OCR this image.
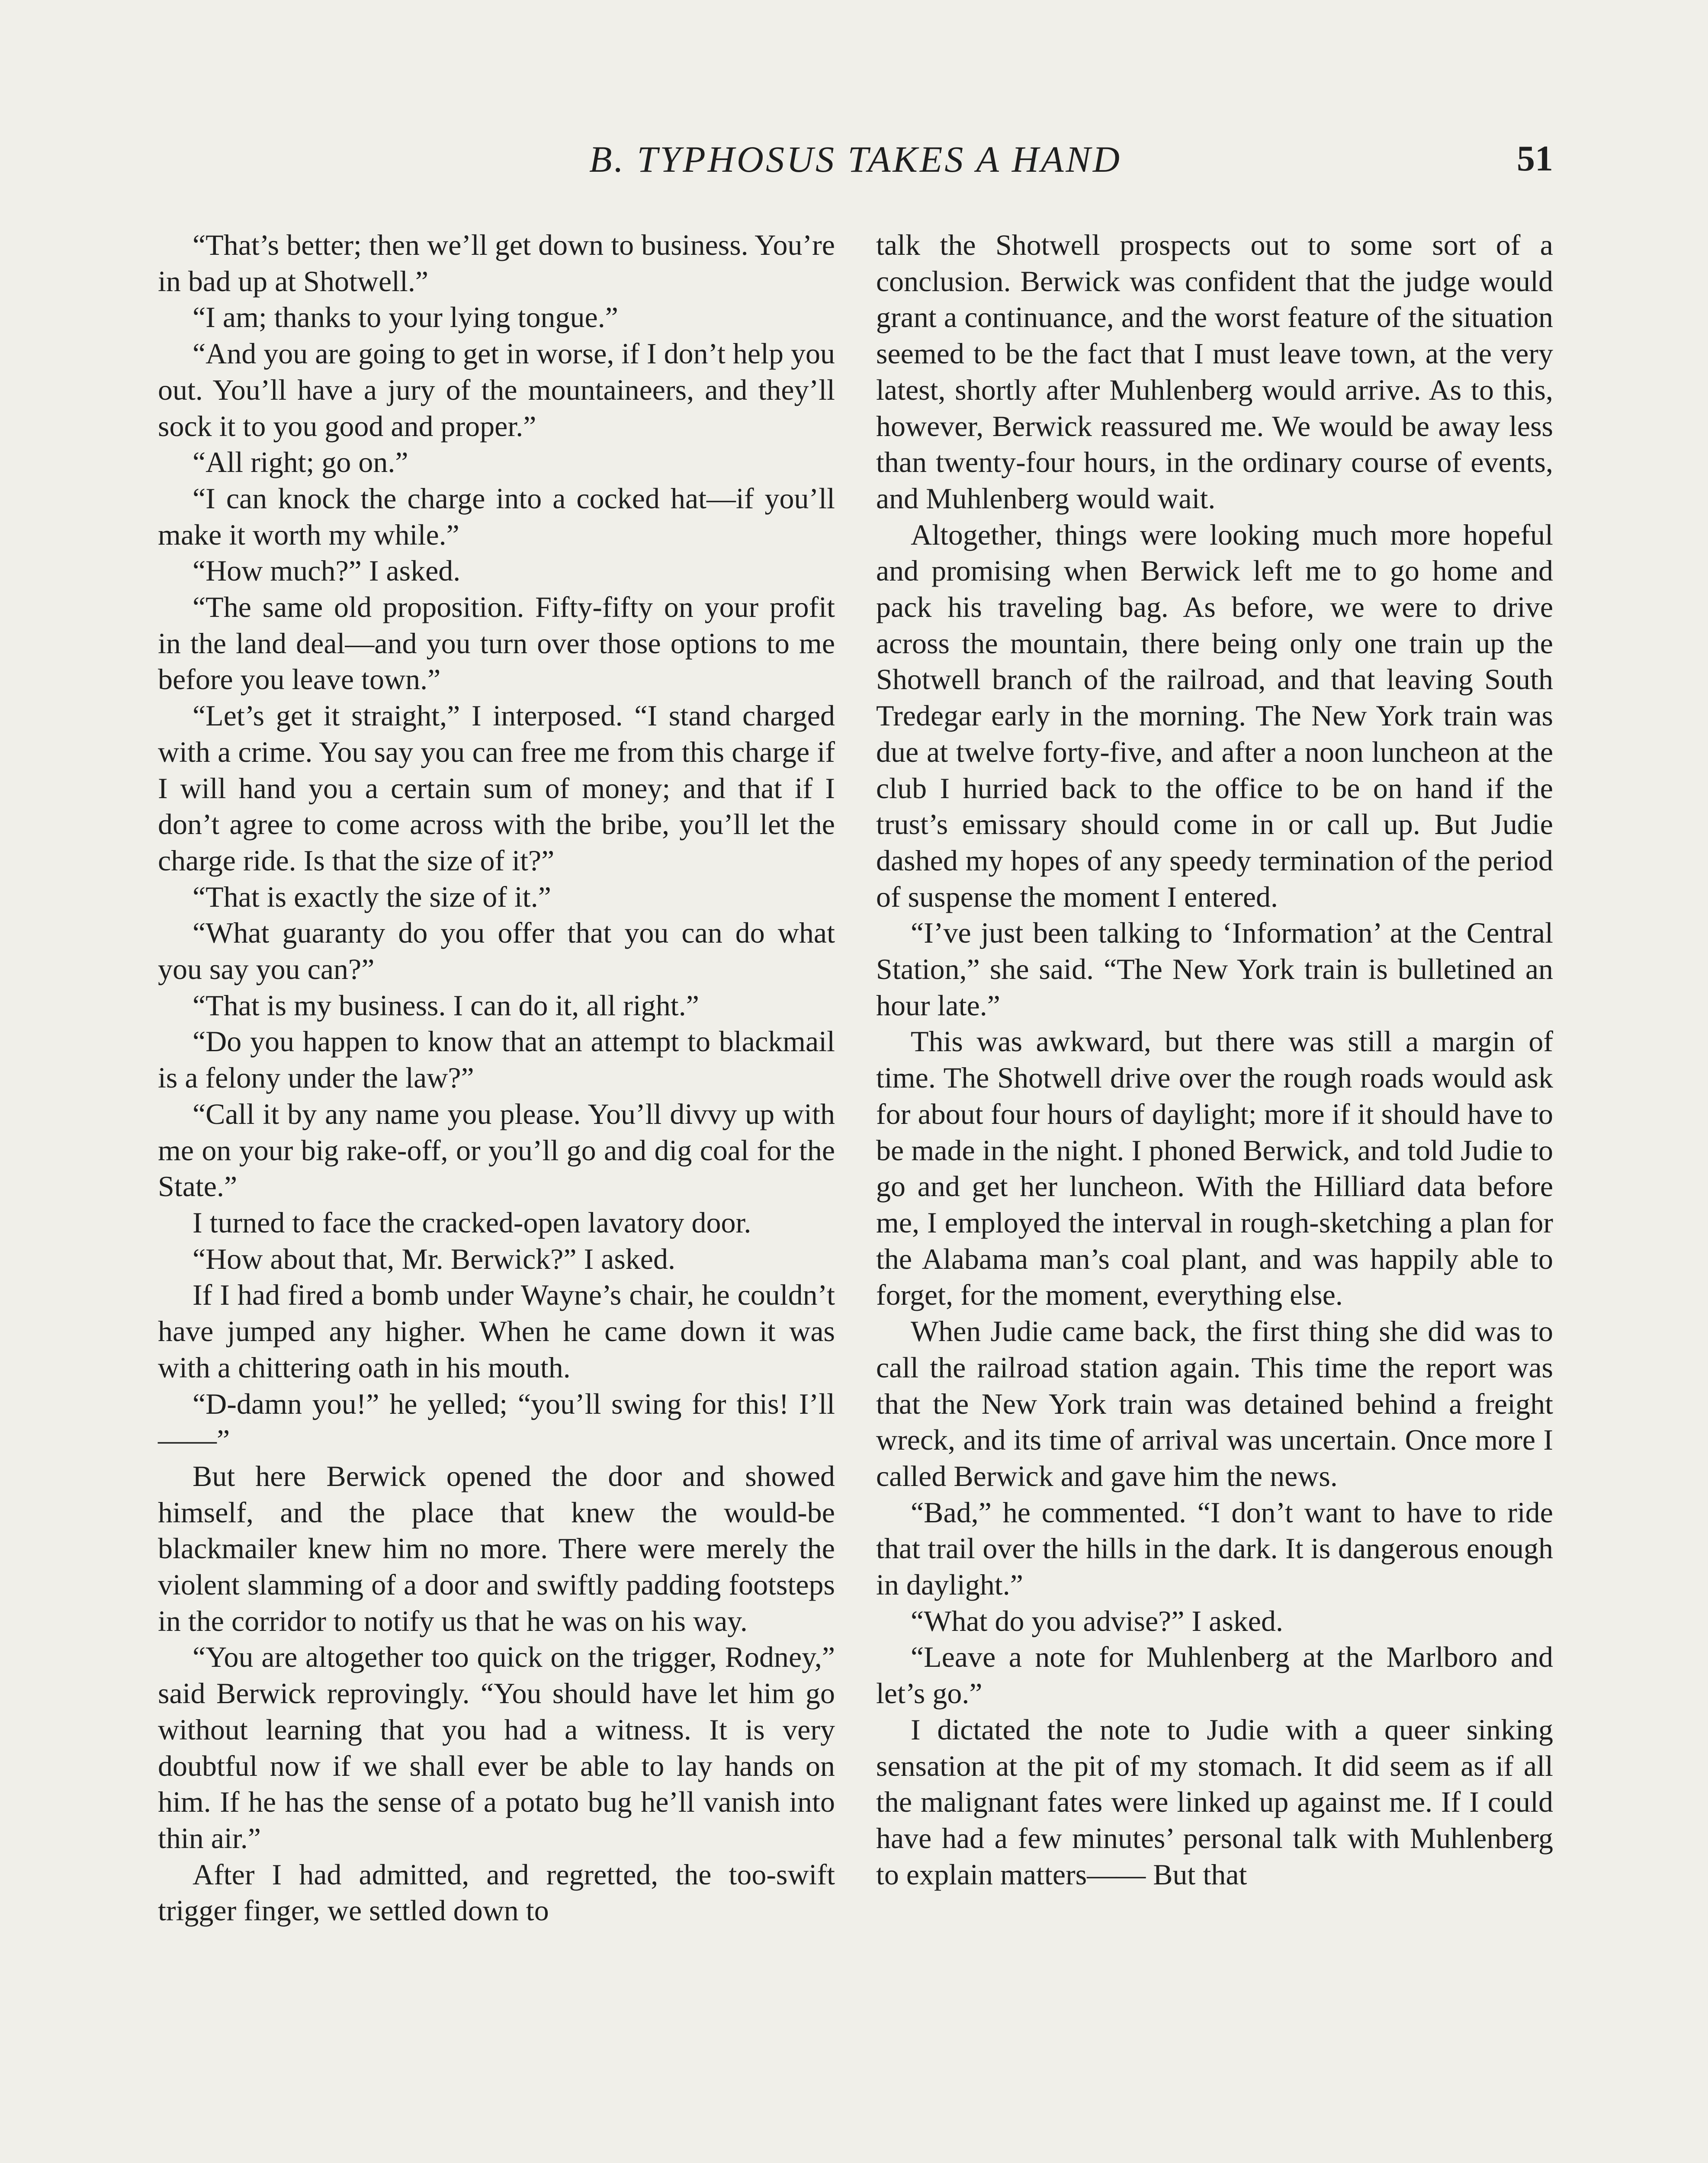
B. TYPHOSUS TAKES A HAND	51

“That’s better; then we’ll get down to business. You’re in bad up at Shotwell.”

“I am; thanks to your lying tongue.”

“And you are going to get in worse, if I don’t help you out. You’ll have a jury of the mountaineers, and they’ll sock it to you good and proper.”

“All right; go on.”

“I can knock the charge into a cocked hat—if you’ll make it worth my while.”

“How much?” I asked.

“The same old proposition. Fifty-fifty on your profit in the land deal—and you turn over those options to me before you leave town.”

“Let’s get it straight,” I interposed. “I stand charged with a crime. You say you can free me from this charge if I will hand you a certain sum of money; and that if I don’t agree to come across with the bribe, you’ll let the charge ride. Is that the size of it?”

“That is exactly the size of it.”

“What guaranty do you offer that you can do what you say you can?”

“That is my business. I can do it, all right.”

“Do you happen to know that an attempt to blackmail is a felony under the law?”

“Call it by any name you please. You’ll divvy up with me on your big rake-off, or you’ll go and dig coal for the State.”

I turned to face the cracked-open lavatory door.

“How about that, Mr. Berwick?” I asked.

If I had fired a bomb under Wayne’s chair, he couldn’t have jumped any higher. When he came down it was with a chittering oath in his mouth.

“D-damn you!” he yelled; “you’ll swing for this! I’ll——”

But here Berwick opened the door and showed himself, and the place that knew the would-be blackmailer knew him no more. There were merely the violent slamming of a door and swiftly padding footsteps in the corridor to notify us that he was on his way.

“You are altogether too quick on the trigger, Rodney,” said Berwick reprovingly. “You should have let him go without learning that you had a witness. It is very doubtful now if we shall ever be able to lay hands on him. If he has the sense of a potato bug he’ll vanish into thin air.”

After I had admitted, and regretted, the too-swift trigger finger, we settled down to

talk the Shotwell prospects out to some sort of a conclusion. Berwick was confident that the judge would grant a continuance, and the worst feature of the situation seemed to be the fact that I must leave town, at the very latest, shortly after Muhlenberg would arrive. As to this, however, Berwick reassured me. We would be away less than twenty-four hours, in the ordinary course of events, and Muhlenberg would wait.

Altogether, things were looking much more hopeful and promising when Berwick left me to go home and pack his traveling bag. As before, we were to drive across the mountain, there being only one train up the Shotwell branch of the railroad, and that leaving South Tredegar early in the morning. The New York train was due at twelve forty-five, and after a noon luncheon at the club I hurried back to the office to be on hand if the trust’s emissary should come in or call up. But Judie dashed my hopes of any speedy termination of the period of suspense the moment I entered.

“I’ve just been talking to ‘Information’ at the Central Station,” she said. “The New York train is bulletined an hour late.”

This was awkward, but there was still a margin of time. The Shotwell drive over the rough roads would ask for about four hours of daylight; more if it should have to be made in the night. I phoned Berwick, and told Judie to go and get her luncheon. With the Hilliard data before me, I employed the interval in rough-sketching a plan for the Alabama man’s coal plant, and was happily able to forget, for the moment, everything else.

When Judie came back, the first thing she did was to call the railroad station again. This time the report was that the New York train was detained behind a freight wreck, and its time of arrival was uncertain. Once more I called Berwick and gave him the news.

“Bad,” he commented. “I don’t want to have to ride that trail over the hills in the dark. It is dangerous enough in daylight.”

“What do you advise?” I asked.

“Leave a note for Muhlenberg at the Marlboro and let’s go.”

I dictated the note to Judie with a queer sinking sensation at the pit of my stomach. It did seem as if all the malignant fates were linked up against me. If I could have had a few minutes’ personal talk with Muhlenberg to explain matters—— But that
